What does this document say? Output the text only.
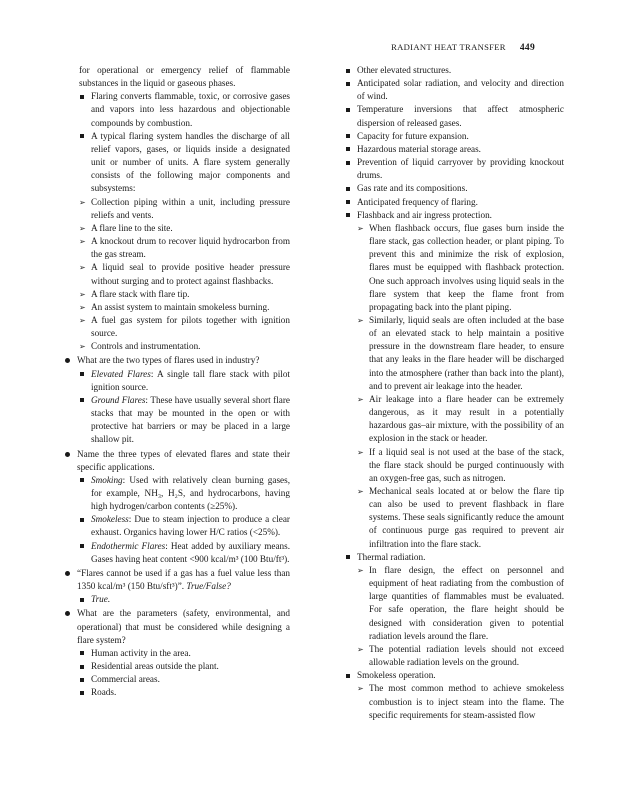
RADIANT HEAT TRANSFER 449
for operational or emergency relief of flammable substances in the liquid or gaseous phases.
Flaring converts flammable, toxic, or corrosive gases and vapors into less hazardous and objectionable compounds by combustion.
A typical flaring system handles the discharge of all relief vapors, gases, or liquids inside a designated unit or number of units. A flare system generally consists of the following major components and subsystems:
➢ Collection piping within a unit, including pressure reliefs and vents.
➢ A flare line to the site.
➢ A knockout drum to recover liquid hydrocarbon from the gas stream.
➢ A liquid seal to provide positive header pressure without surging and to protect against flashbacks.
➢ A flare stack with flare tip.
➢ An assist system to maintain smokeless burning.
➢ A fuel gas system for pilots together with ignition source.
➢ Controls and instrumentation.
What are the two types of flares used in industry?
Elevated Flares: A single tall flare stack with pilot ignition source.
Ground Flares: These have usually several short flare stacks that may be mounted in the open or with protective hat barriers or may be placed in a large shallow pit.
Name the three types of elevated flares and state their specific applications.
Smoking: Used with relatively clean burning gases, for example, NH₃, H₂S, and hydrocarbons, having high hydrogen/carbon contents (≥25%).
Smokeless: Due to steam injection to produce a clear exhaust. Organics having lower H/C ratios (<25%).
Endothermic Flares: Heat added by auxiliary means. Gases having heat content <900 kcal/m³ (100 Btu/ft³).
“Flares cannot be used if a gas has a fuel value less than 1350 kcal/m³ (150 Btu/sft³)”. True/False?
True.
What are the parameters (safety, environmental, and operational) that must be considered while designing a flare system?
Human activity in the area.
Residential areas outside the plant.
Commercial areas.
Roads.
Other elevated structures.
Anticipated solar radiation, and velocity and direction of wind.
Temperature inversions that affect atmospheric dispersion of released gases.
Capacity for future expansion.
Hazardous material storage areas.
Prevention of liquid carryover by providing knockout drums.
Gas rate and its compositions.
Anticipated frequency of flaring.
Flashback and air ingress protection.
➢ When flashback occurs, flue gases burn inside the flare stack, gas collection header, or plant piping. To prevent this and minimize the risk of explosion, flares must be equipped with flashback protection. One such approach involves using liquid seals in the flare system that keep the flame front from propagating back into the plant piping.
➢ Similarly, liquid seals are often included at the base of an elevated stack to help maintain a positive pressure in the downstream flare header, to ensure that any leaks in the flare header will be discharged into the atmosphere (rather than back into the plant), and to prevent air leakage into the header.
➢ Air leakage into a flare header can be extremely dangerous, as it may result in a potentially hazardous gas–air mixture, with the possibility of an explosion in the stack or header.
➢ If a liquid seal is not used at the base of the stack, the flare stack should be purged continuously with an oxygen-free gas, such as nitrogen.
➢ Mechanical seals located at or below the flare tip can also be used to prevent flashback in flare systems. These seals significantly reduce the amount of continuous purge gas required to prevent air infiltration into the flare stack.
Thermal radiation.
➢ In flare design, the effect on personnel and equipment of heat radiating from the combustion of large quantities of flammables must be evaluated. For safe operation, the flare height should be designed with consideration given to potential radiation levels around the flare.
➢ The potential radiation levels should not exceed allowable radiation levels on the ground.
Smokeless operation.
➢ The most common method to achieve smokeless combustion is to inject steam into the flame. The specific requirements for steam-assisted flow
